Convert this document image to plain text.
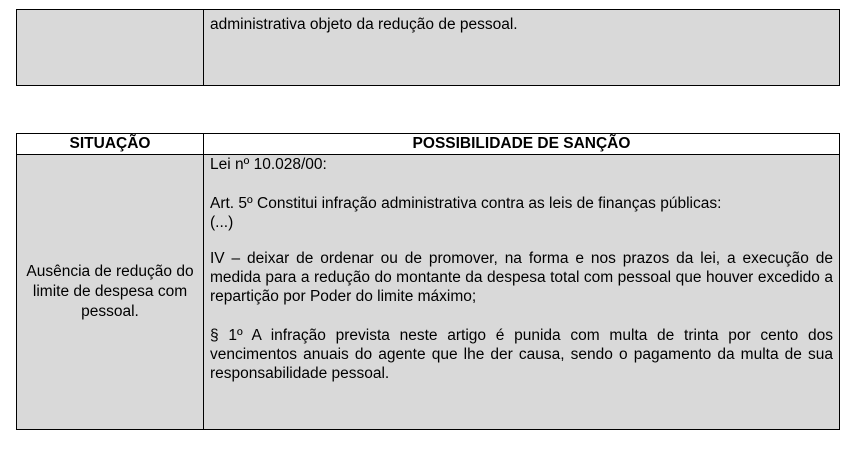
	administrativa objeto da redução de pessoal.
SITUAÇÃO	POSSIBILIDADE DE SANÇÃO
Ausência de redução do limite de despesa com pessoal.	Lei nº 10.028/00:

Art. 5º Constitui infração administrativa contra as leis de finanças públicas:

(...)

IV – deixar de ordenar ou de promover, na forma e nos prazos da lei, a execução de medida para a redução do montante da despesa total com pessoal que houver excedido a repartição por Poder do limite máximo;

§ 1º A infração prevista neste artigo é punida com multa de trinta por cento dos vencimentos anuais do agente que lhe der causa, sendo o pagamento da multa de sua responsabilidade pessoal.
